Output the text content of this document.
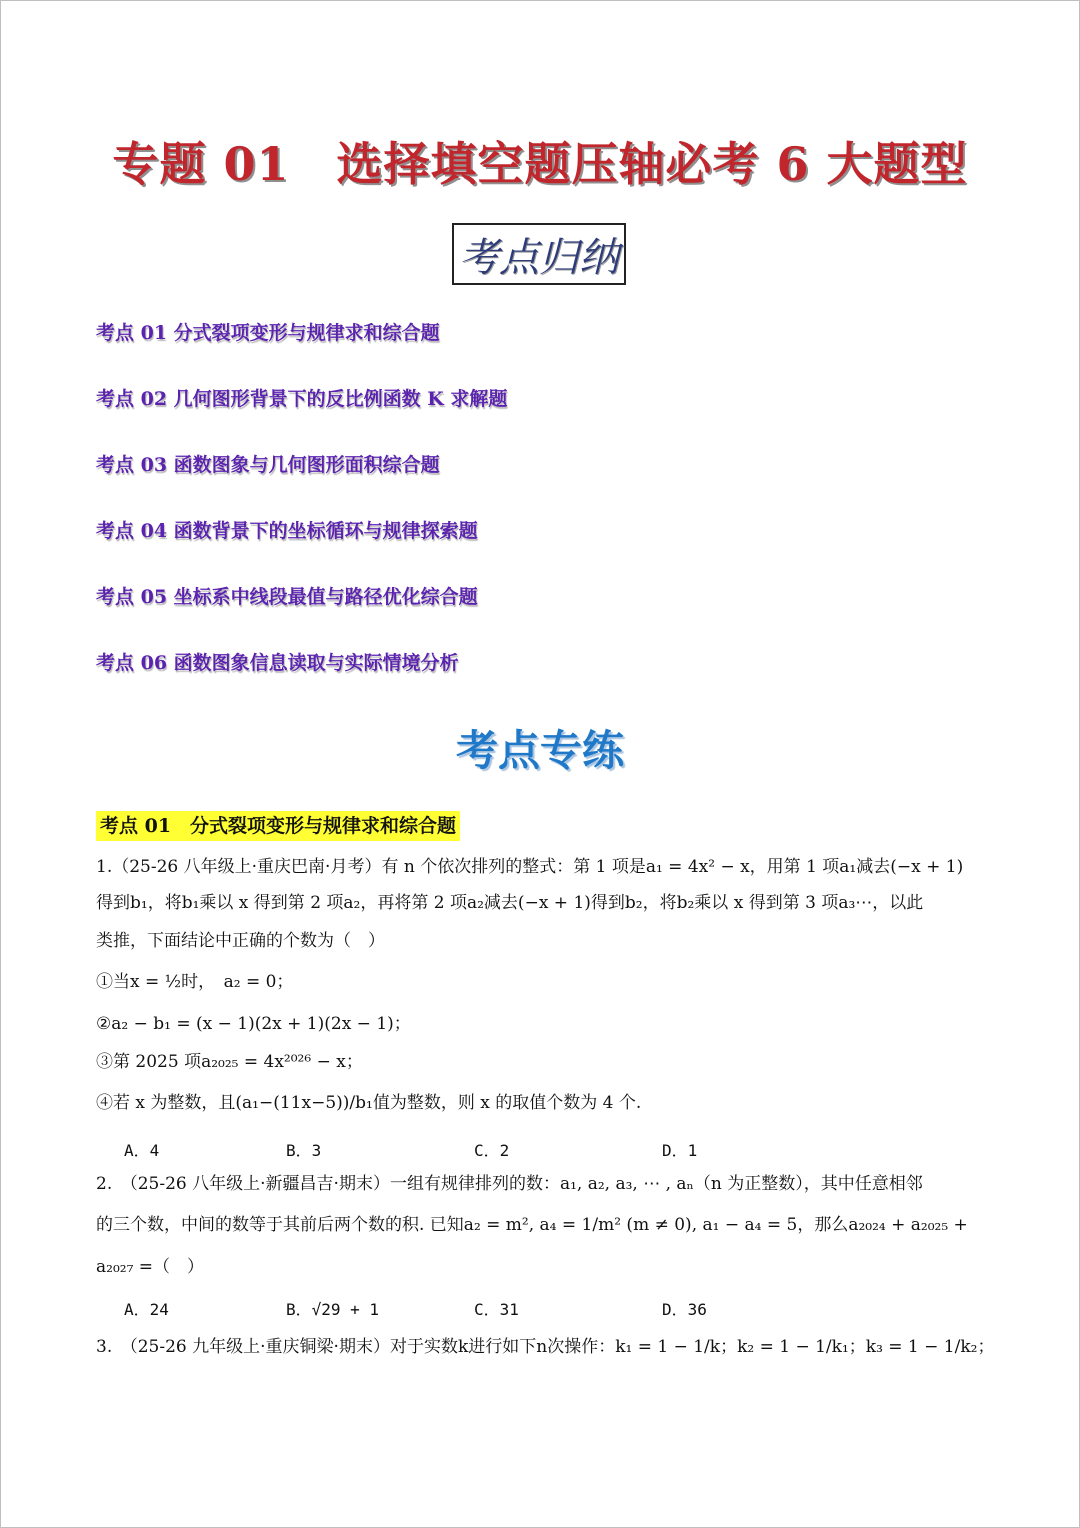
专题 01　选择填空题压轴必考 6 大题型
考点归纳
考点 01 分式裂项变形与规律求和综合题
考点 02 几何图形背景下的反比例函数 K 求解题
考点 03 函数图象与几何图形面积综合题
考点 04 函数背景下的坐标循环与规律探索题
考点 05 坐标系中线段最值与路径优化综合题
考点 06 函数图象信息读取与实际情境分析
考点专练
考点 01　分式裂项变形与规律求和综合题
1.（25-26 八年级上·重庆巴南·月考）有 n 个依次排列的整式：第 1 项是a₁ = 4x² − x，用第 1 项a₁减去(−x + 1)
得到b₁，将b₁乘以 x 得到第 2 项a₂，再将第 2 项a₂减去(−x + 1)得到b₂，将b₂乘以 x 得到第 3 项a₃⋯，以此
类推，下面结论中正确的个数为（　）
①当x = ½时，　a₂ = 0；
②a₂ − b₁ = (x − 1)(2x + 1)(2x − 1)；
③第 2025 项a₂₀₂₅ = 4x²⁰²⁶ − x；
④若 x 为整数，且(a₁−(11x−5))/b₁值为整数，则 x 的取值个数为 4 个.
A．4	B．3	C．2	D．1
2.　（25-26 八年级上·新疆昌吉·期末）一组有规律排列的数：a₁, a₂, a₃, ⋯ , aₙ（n 为正整数），其中任意相邻
的三个数，中间的数等于其前后两个数的积. 已知a₂ = m², a₄ = 1/m² (m ≠ 0), a₁ − a₄ = 5，那么a₂₀₂₄ + a₂₀₂₅ +
a₂₀₂₇ =（　）
A．24	B．√29 + 1	C．31	D．36
3.　（25-26 九年级上·重庆铜梁·期末）对于实数k进行如下n次操作：k₁ = 1 − 1/k；k₂ = 1 − 1/k₁；k₃ = 1 − 1/k₂；
